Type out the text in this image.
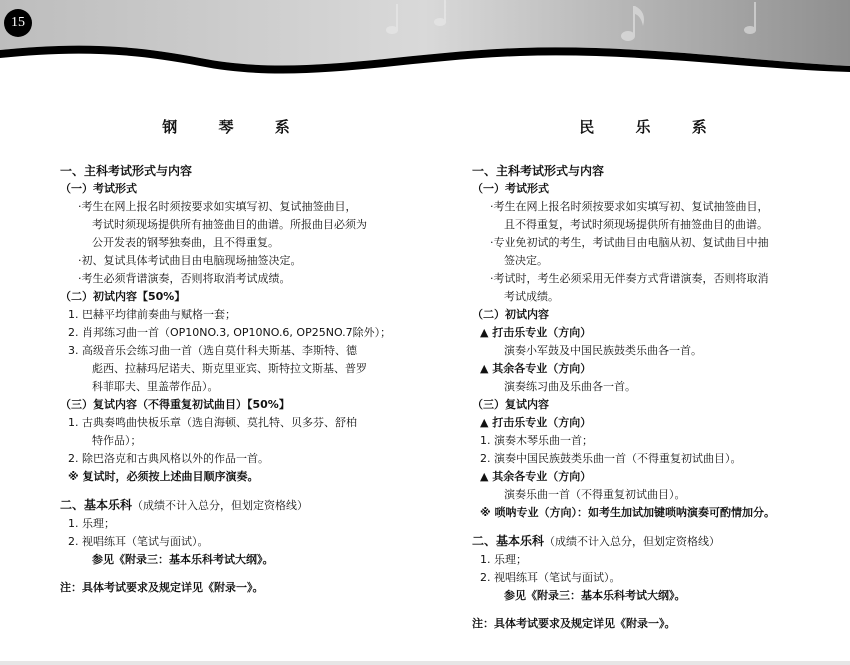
15
钢 琴 系
一、主科考试形式与内容
（一）考试形式
·考生在网上报名时须按要求如实填写初、复试抽签曲目，
考试时须现场提供所有抽签曲目的曲谱。所报曲目必须为
公开发表的钢琴独奏曲，且不得重复。
·初、复试具体考试曲目由电脑现场抽签决定。
·考生必须背谱演奏，否则将取消考试成绩。
（二）初试内容【50%】
1. 巴赫平均律前奏曲与赋格一套；
2. 肖邦练习曲一首（OP10NO.3, OP10NO.6, OP25NO.7除外）；
3. 高级音乐会练习曲一首（选自莫什科夫斯基、李斯特、德
彪西、拉赫玛尼诺夫、斯克里亚宾、斯特拉文斯基、普罗
科菲耶夫、里盖蒂作品）。
（三）复试内容（不得重复初试曲目）【50%】
1. 古典奏鸣曲快板乐章（选自海顿、莫扎特、贝多芬、舒柏
特作品）；
2. 除巴洛克和古典风格以外的作品一首。
※ 复试时，必须按上述曲目顺序演奏。
二、基本乐科（成绩不计入总分，但划定资格线）
1. 乐理；
2. 视唱练耳（笔试与面试）。
参见《附录三：基本乐科考试大纲》。
注：具体考试要求及规定详见《附录一》。
民 乐 系
一、主科考试形式与内容
（一）考试形式
·考生在网上报名时须按要求如实填写初、复试抽签曲目，
且不得重复，考试时须现场提供所有抽签曲目的曲谱。
·专业免初试的考生，考试曲目由电脑从初、复试曲目中抽
签决定。
·考试时，考生必须采用无伴奏方式背谱演奏，否则将取消
考试成绩。
（二）初试内容
▲ 打击乐专业（方向）
演奏小军鼓及中国民族鼓类乐曲各一首。
▲ 其余各专业（方向）
演奏练习曲及乐曲各一首。
（三）复试内容
▲ 打击乐专业（方向）
1. 演奏木琴乐曲一首；
2. 演奏中国民族鼓类乐曲一首（不得重复初试曲目）。
▲ 其余各专业（方向）
演奏乐曲一首（不得重复初试曲目）。
※ 唢呐专业（方向）：如考生加试加键唢呐演奏可酌情加分。
二、基本乐科（成绩不计入总分，但划定资格线）
1. 乐理；
2. 视唱练耳（笔试与面试）。
参见《附录三：基本乐科考试大纲》。
注：具体考试要求及规定详见《附录一》。
